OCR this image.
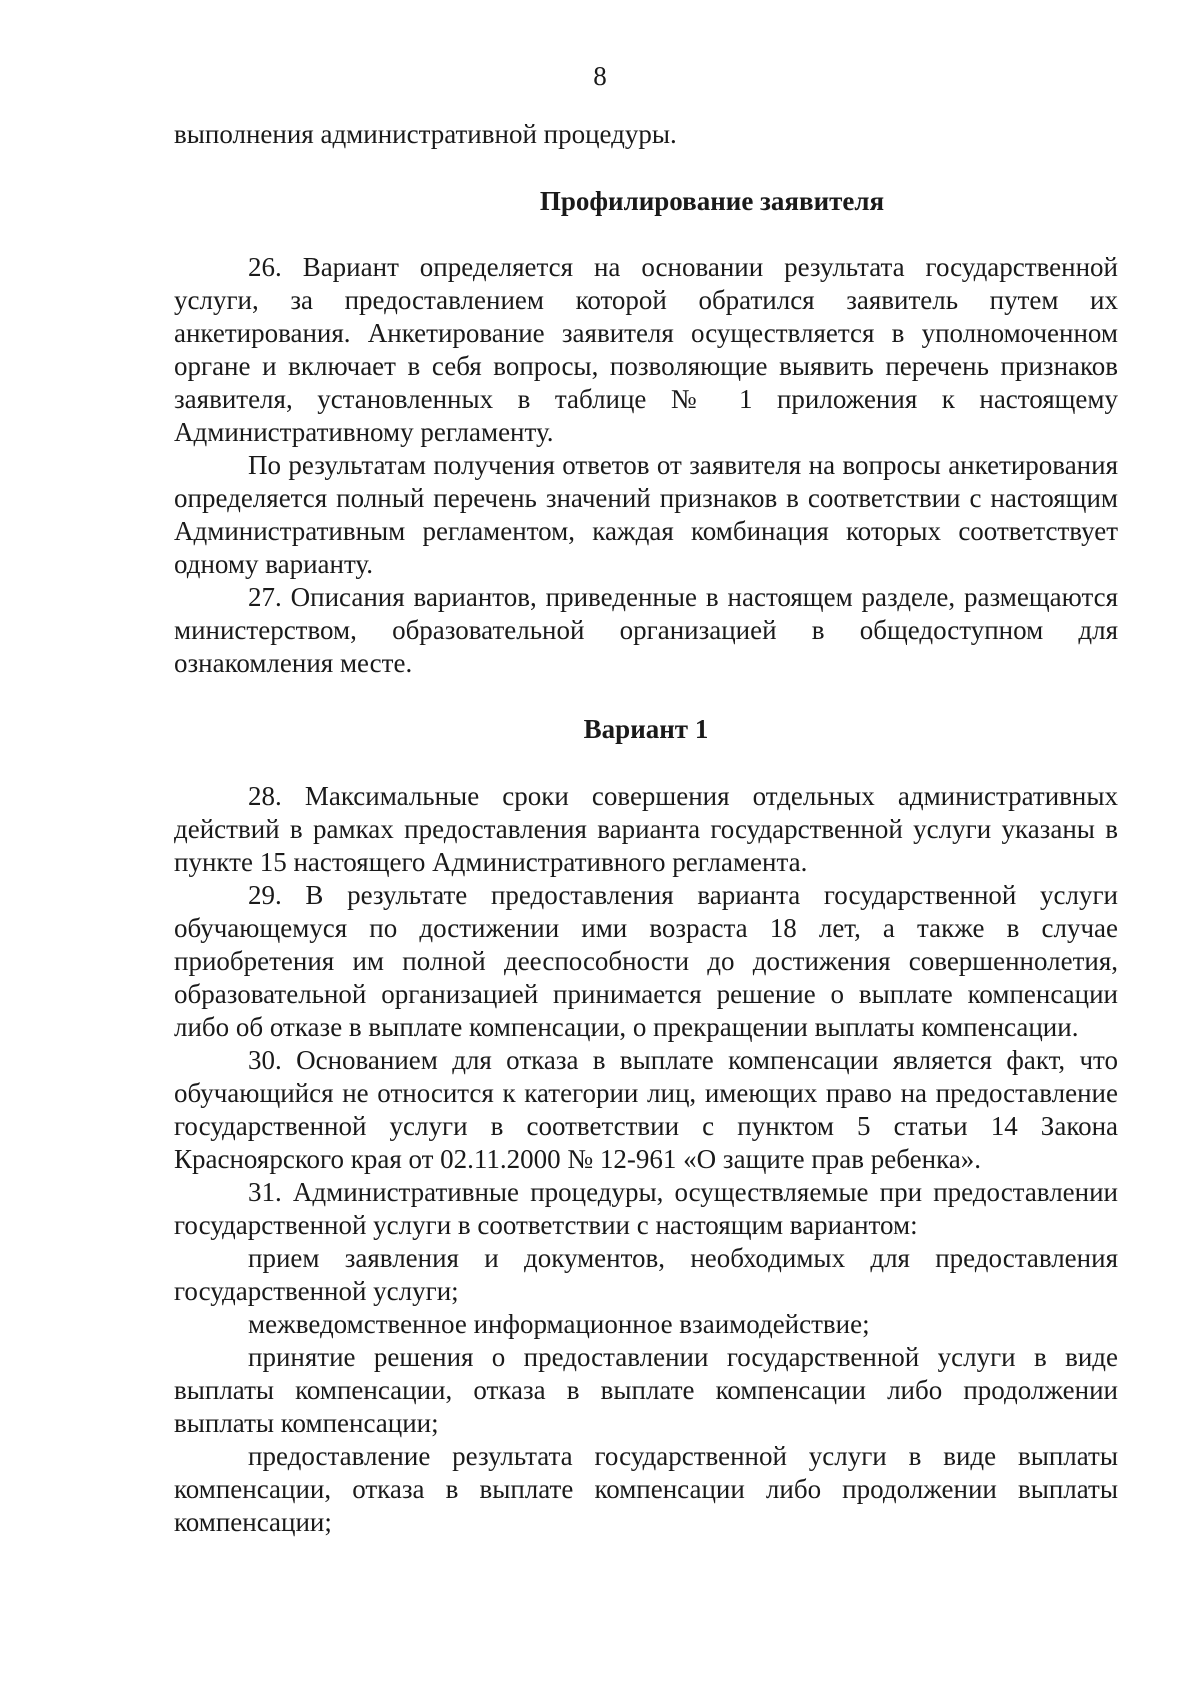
8

выполнения административной процедуры.

Профилирование заявителя

26. Вариант определяется на основании результата государственной услуги, за предоставлением которой обратился заявитель путем их анкетирования. Анкетирование заявителя осуществляется в уполномоченном органе и включает в себя вопросы, позволяющие выявить перечень признаков заявителя, установленных в таблице № 1 приложения к настоящему Административному регламенту.

По результатам получения ответов от заявителя на вопросы анкетирования определяется полный перечень значений признаков в соответствии с настоящим Административным регламентом, каждая комбинация которых соответствует одному варианту.

27. Описания вариантов, приведенные в настоящем разделе, размещаются министерством, образовательной организацией в общедоступном для ознакомления месте.

Вариант 1

28. Максимальные сроки совершения отдельных административных действий в рамках предоставления варианта государственной услуги указаны в пункте 15 настоящего Административного регламента.

29. В результате предоставления варианта государственной услуги обучающемуся по достижении ими возраста 18 лет, а также в случае приобретения им полной дееспособности до достижения совершеннолетия, образовательной организацией принимается решение о выплате компенсации либо об отказе в выплате компенсации, о прекращении выплаты компенсации.

30. Основанием для отказа в выплате компенсации является факт, что обучающийся не относится к категории лиц, имеющих право на предоставление государственной услуги в соответствии с пунктом 5 статьи 14 Закона Красноярского края от 02.11.2000 № 12-961 «О защите прав ребенка».

31. Административные процедуры, осуществляемые при предоставлении государственной услуги в соответствии с настоящим вариантом:

прием заявления и документов, необходимых для предоставления государственной услуги;

межведомственное информационное взаимодействие;

принятие решения о предоставлении государственной услуги в виде выплаты компенсации, отказа в выплате компенсации либо продолжении выплаты компенсации;

предоставление результата государственной услуги в виде выплаты компенсации, отказа в выплате компенсации либо продолжении выплаты компенсации;
